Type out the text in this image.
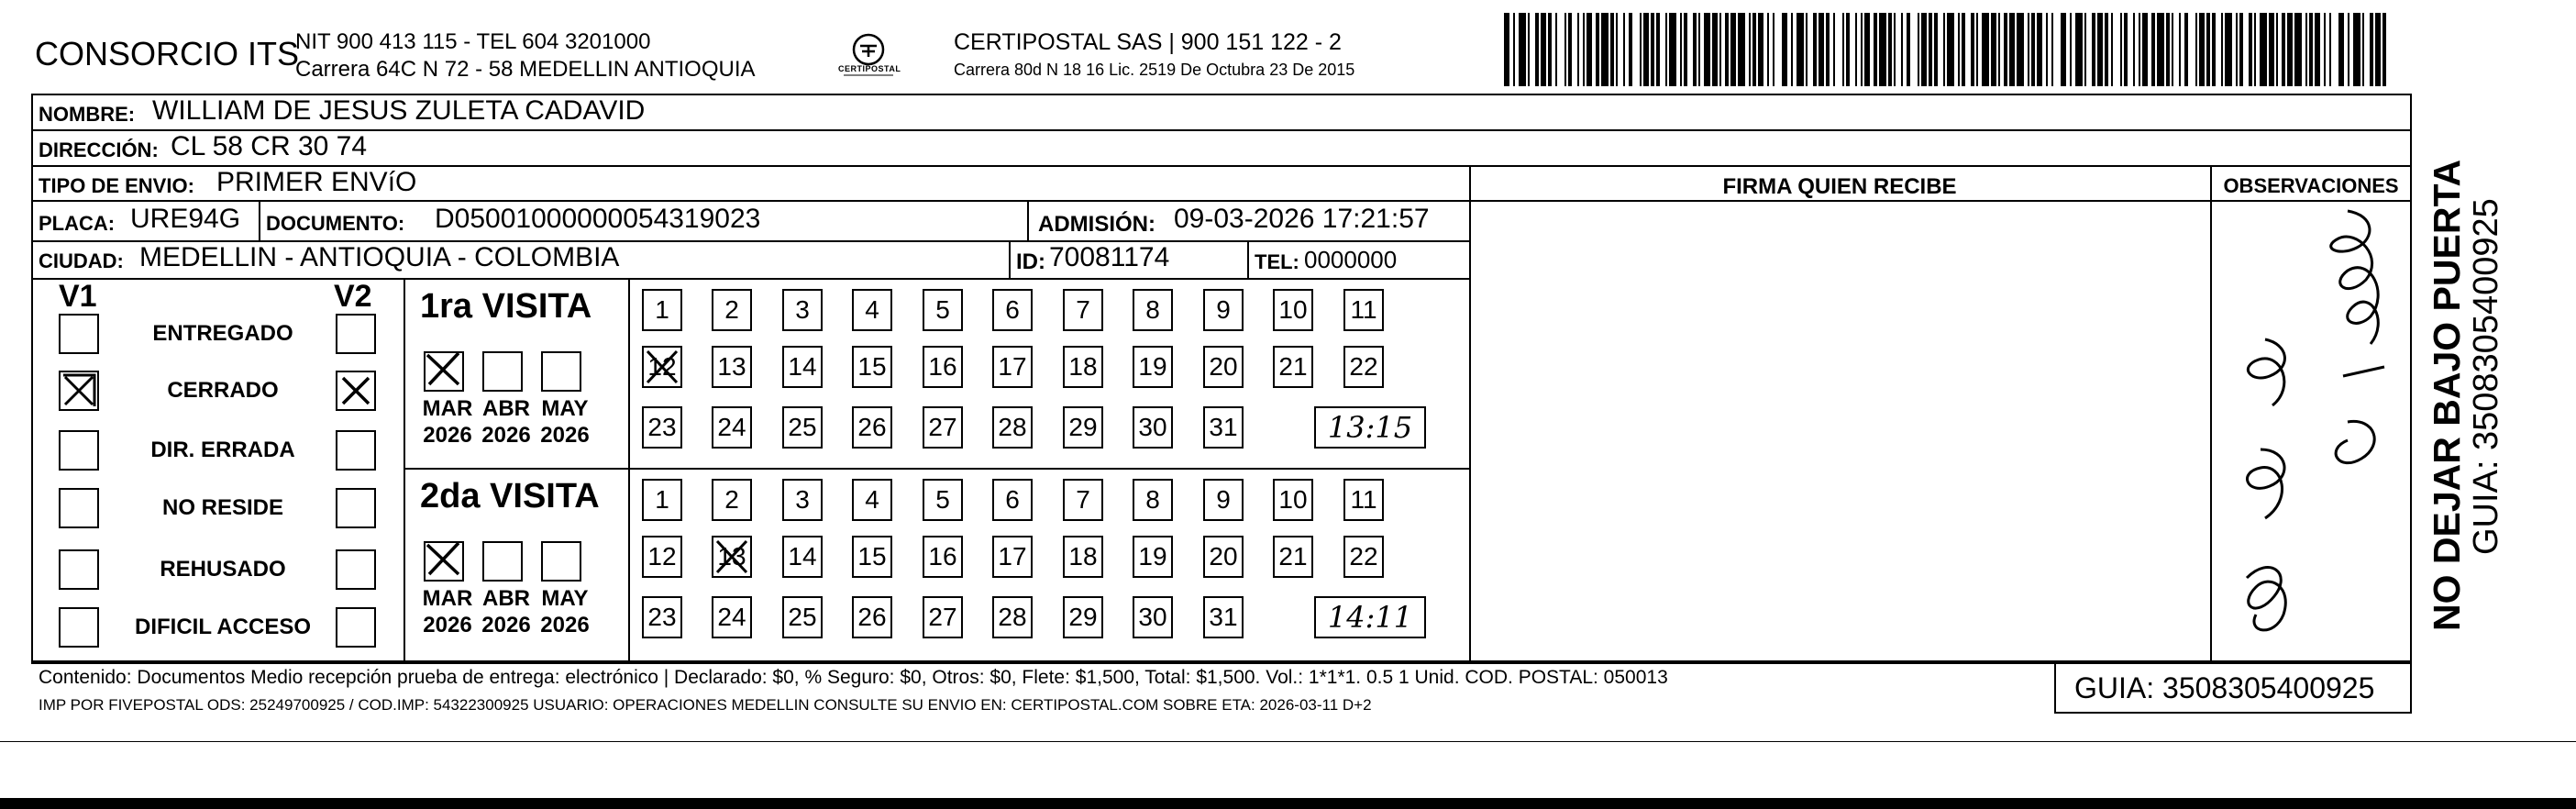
CONSORCIO ITS
NIT 900 413 115 - TEL 604 3201000
Carrera 64C N 72 - 58 MEDELLIN ANTIOQUIA	CERTIPOSTAL
CERTIPOSTAL SAS | 900 151 122 - 2
Carrera 80d N 18 16 Lic. 2519 De Octubra 23 De 2015
NOMBRE: WILLIAM DE JESUS ZULETA CADAVID
DIRECCIÓN: CL 58 CR 30 74
TIPO DE ENVIO: PRIMER ENVíO	FIRMA QUIEN RECIBE	OBSERVACIONES
PLACA: URE94G DOCUMENTO: D05001000000054319023	ADMISIÓN: 09-03-2026 17:21:57
CIUDAD: MEDELLIN - ANTIOQUIA - COLOMBIA	ID: 70081174	TEL: 0000000
V1	V2
ENTREGADO
CERRADO
DIR. ERRADA
NO RESIDE
REHUSADO
DIFICIL ACCESO
1ra VISITA
MAR
2026
ABR
2026
MAY
2026
1 2 3 4 5 6 7 8 9 10 11
12 13 14 15 16 17 18 19 20 21 22
23 24 25 26 27 28 29 30 31	13:15
2da VISITA
MAR
2026
ABR
2026
MAY
2026
1 2 3 4 5 6 7 8 9 10 11
12 13 14 15 16 17 18 19 20 21 22
23 24 25 26 27 28 29 30 31	14:11	NO DEJAR BAJO PUERTA GUIA: 3508305400925
Contenido: Documentos Medio recepción prueba de entrega: electrónico | Declarado: $0, % Seguro: $0, Otros: $0, Flete: $1,500, Total: $1,500. Vol.: 1*1*1. 0.5 1 Unid. COD. POSTAL: 050013
IMP POR FIVEPOSTAL ODS: 25249700925 / COD.IMP: 54322300925 USUARIO: OPERACIONES MEDELLIN CONSULTE SU ENVIO EN: CERTIPOSTAL.COM SOBRE ETA: 2026-03-11 D+2
GUIA: 3508305400925
